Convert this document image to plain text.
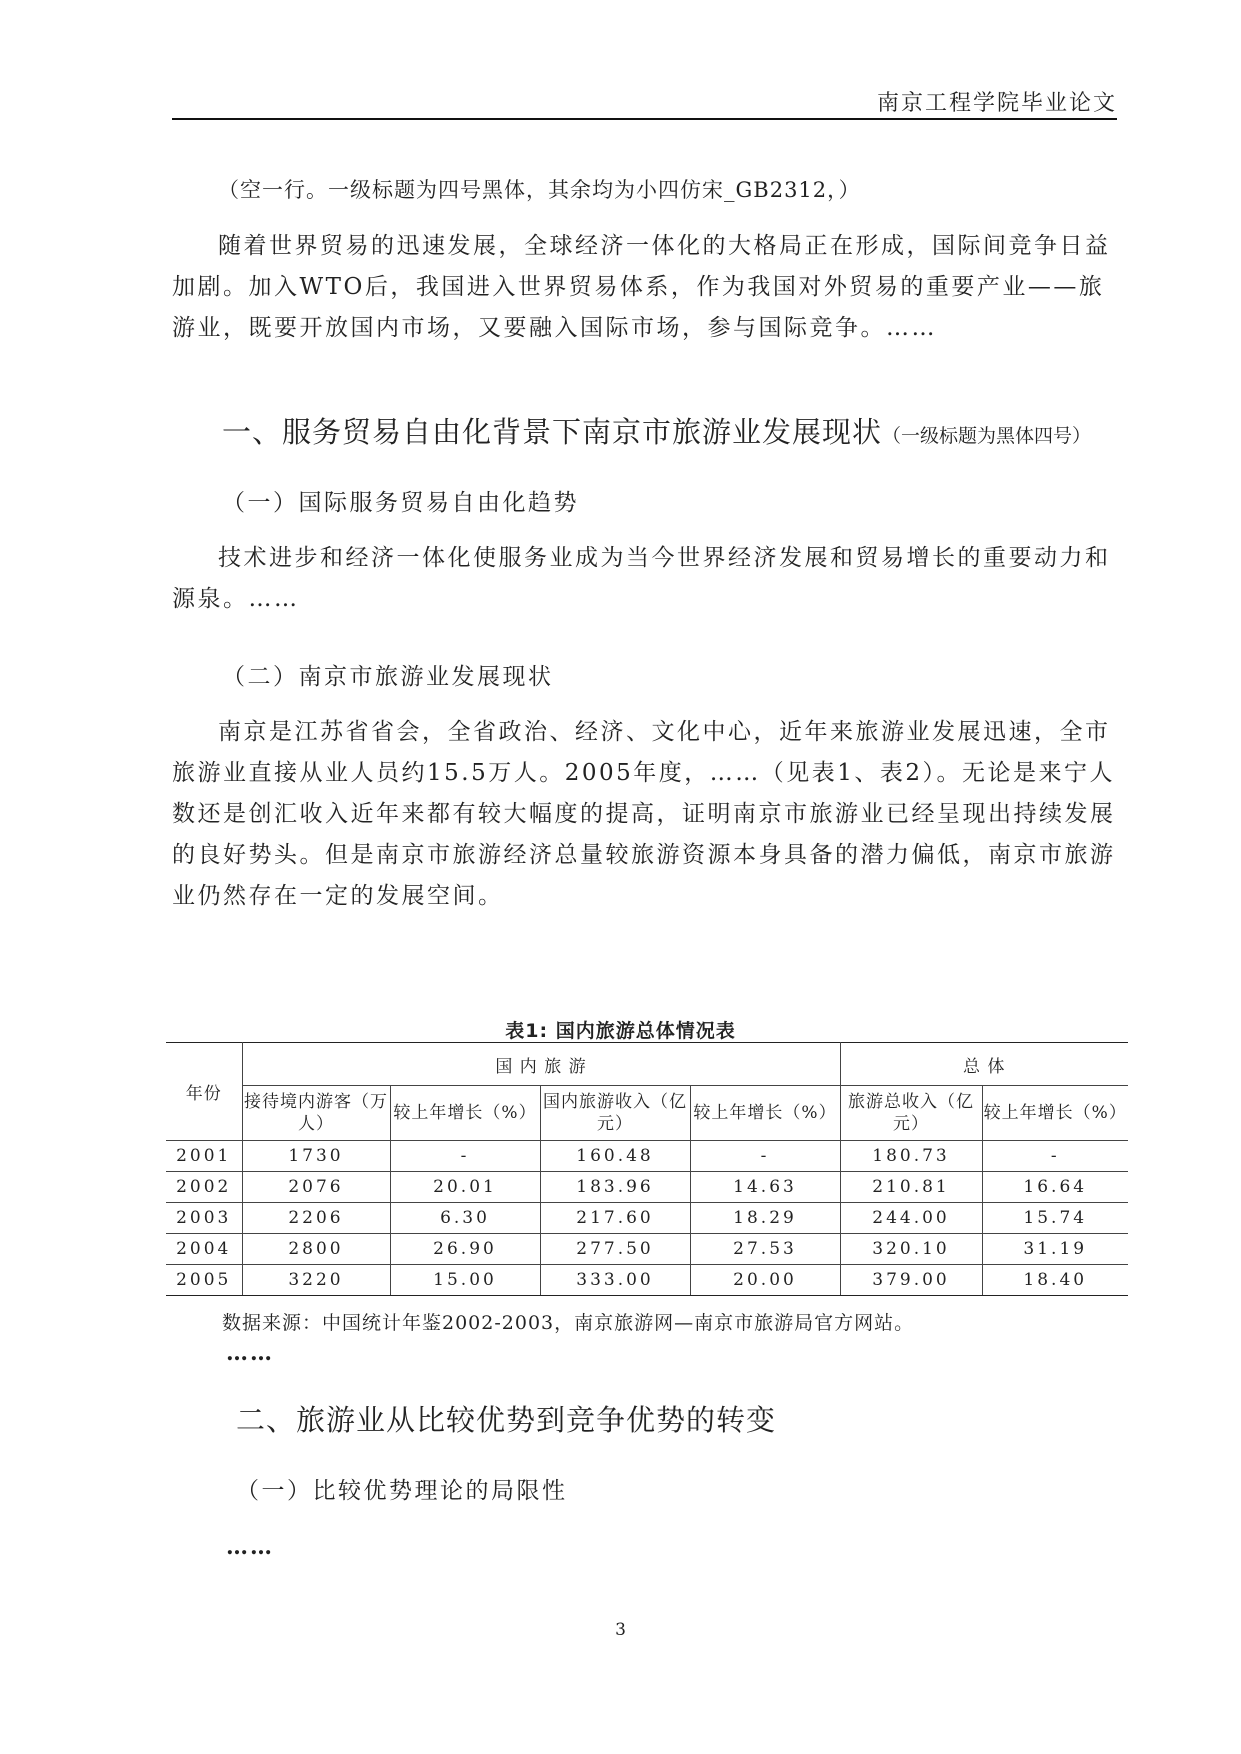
南京工程学院毕业论文
（空一行。一级标题为四号黑体，其余均为小四仿宋_GB2312，）

随着世界贸易的迅速发展，全球经济一体化的大格局正在形成，国际间竞争日益加剧。加入WTO后，我国进入世界贸易体系，作为我国对外贸易的重要产业——旅游业，既要开放国内市场，又要融入国际市场，参与国际竞争。……

一、服务贸易自由化背景下南京市旅游业发展现状（一级标题为黑体四号）
（一）国际服务贸易自由化趋势

技术进步和经济一体化使服务业成为当今世界经济发展和贸易增长的重要动力和源泉。……

（二）南京市旅游业发展现状

南京是江苏省省会，全省政治、经济、文化中心，近年来旅游业发展迅速，全市旅游业直接从业人员约15.5万人。2005年度，……（见表1、表2）。无论是来宁人数还是创汇收入近年来都有较大幅度的提高，证明南京市旅游业已经呈现出持续发展的良好势头。但是南京市旅游经济总量较旅游资源本身具备的潜力偏低，南京市旅游业仍然存在一定的发展空间。

表1: 国内旅游总体情况表
年份	国 内 旅 游				总 体	
	接待境内游客（万人）	较上年增长（%）	国内旅游收入（亿元）	较上年增长（%）	旅游总收入（亿元）	较上年增长（%）
2001	1730	-	160.48	-	180.73	-
2002	2076	20.01	183.96	14.63	210.81	16.64
2003	2206	6.30	217.60	18.29	244.00	15.74
2004	2800	26.90	277.50	27.53	320.10	31.19
2005	3220	15.00	333.00	20.00	379.00	18.40
数据来源：中国统计年鉴2002-2003，南京旅游网—南京市旅游局官方网站。
……
二、旅游业从比较优势到竞争优势的转变
（一）比较优势理论的局限性
……
3
